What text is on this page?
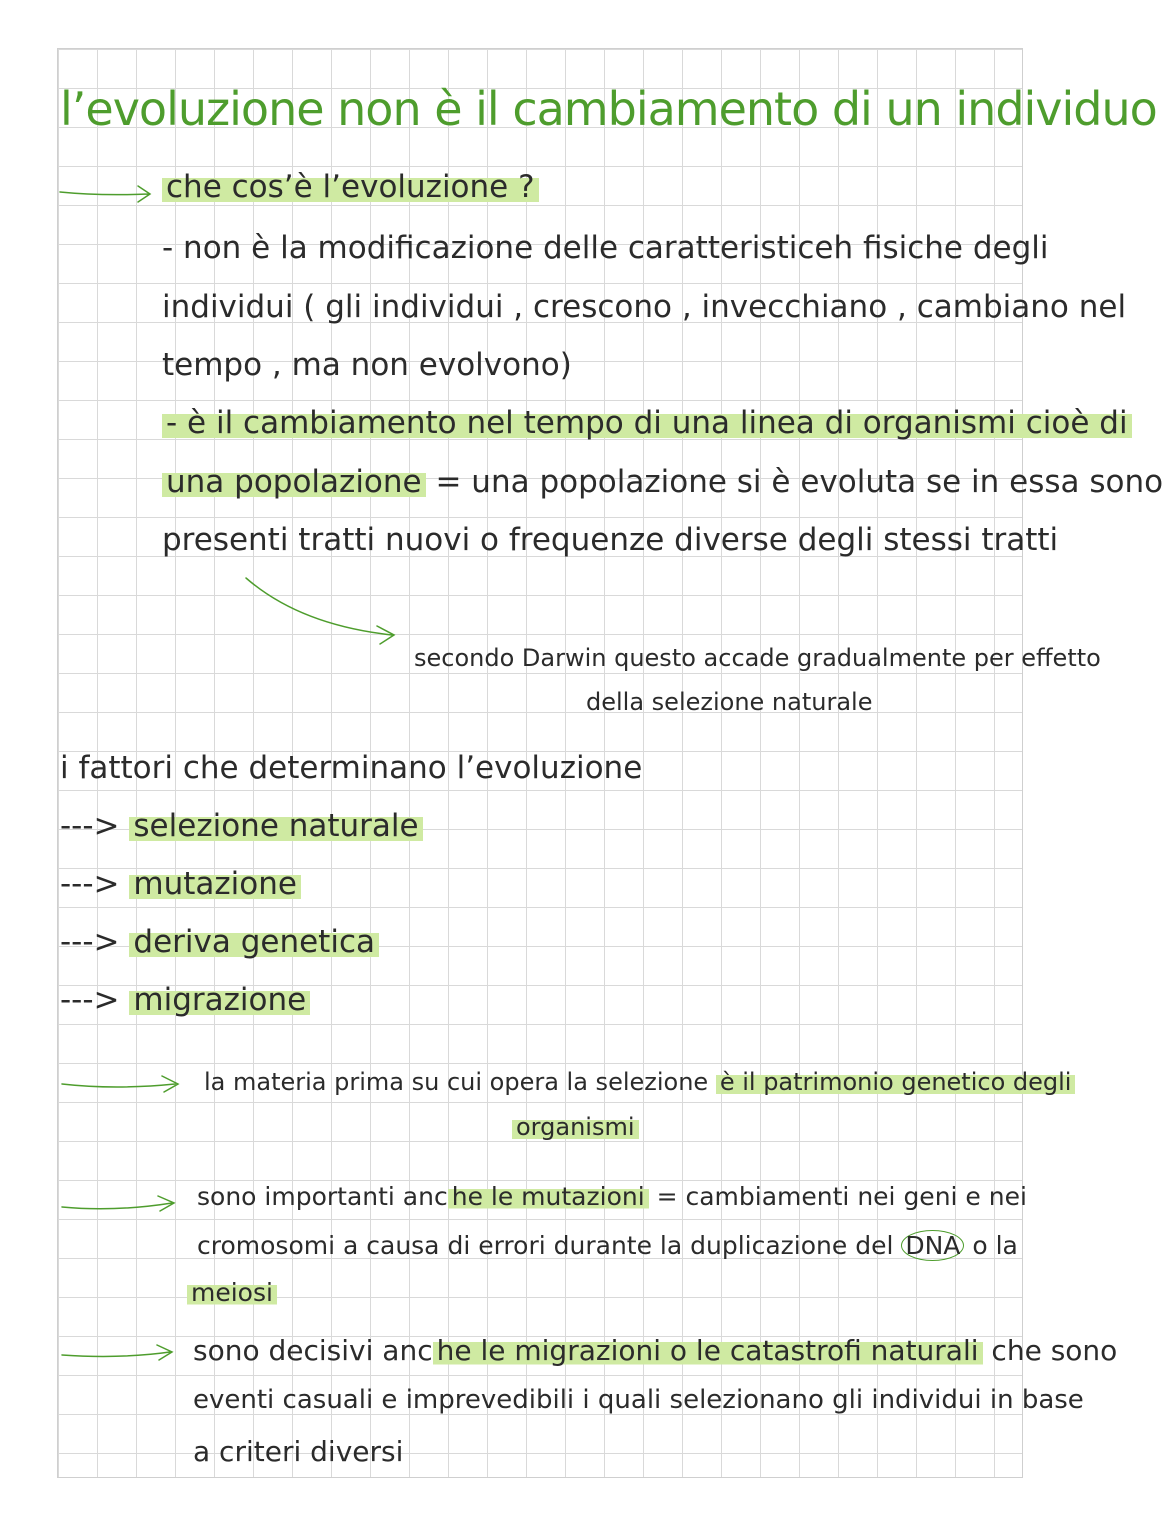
l’evoluzione non è il cambiamento di un individuo
che cos’è l’evoluzione ?
- non è la modificazione delle caratteristiceh fisiche degli
individui ( gli individui , crescono , invecchiano , cambiano nel
tempo , ma non evolvono)
- è il cambiamento nel tempo di una linea di organismi cioè di
una popolazione = una popolazione si è evoluta se in essa sono
presenti tratti nuovi o frequenze diverse degli stessi tratti
secondo Darwin questo accade gradualmente per effetto
della selezione naturale
i fattori che determinano l’evoluzione
---> selezione naturale
---> mutazione
---> deriva genetica
---> migrazione
la materia prima su cui opera la selezione è il patrimonio genetico degli
organismi
sono importanti anc he le mutazioni = cambiamenti nei geni e nei
cromosomi a causa di errori durante la duplicazione del DNA o la
meiosi
sono decisivi anc he le migrazioni o le catastrofi naturali che sono
eventi casuali e imprevedibili i quali selezionano gli individui in base
a criteri diversi
